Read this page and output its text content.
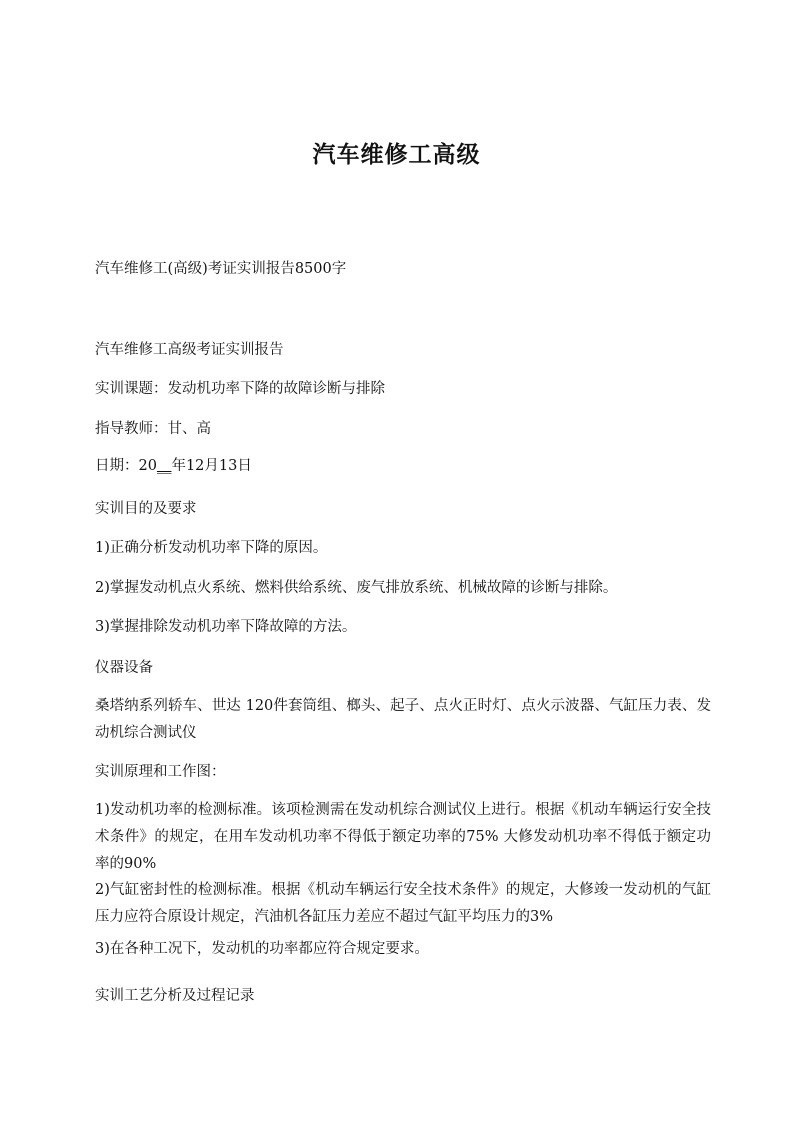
汽车维修工高级
汽车维修工(高级)考证实训报告8500字
汽车维修工高级考证实训报告
实训课题：发动机功率下降的故障诊断与排除
指导教师：甘、高
日期：20__年12月13日
实训目的及要求
1)正确分析发动机功率下降的原因。
2)掌握发动机点火系统、燃料供给系统、废气排放系统、机械故障的诊断与排除。
3)掌握排除发动机功率下降故障的方法。
仪器设备
桑塔纳系列轿车、世达 120件套筒组、榔头、起子、点火正时灯、点火示波器、气缸压力表、发动机综合测试仪
实训原理和工作图：
1)发动机功率的检测标准。该项检测需在发动机综合测试仪上进行。根据《机动车辆运行安全技术条件》的规定，在用车发动机功率不得低于额定功率的75% 大修发动机功率不得低于额定功率的90%
2)气缸密封性的检测标准。根据《机动车辆运行安全技术条件》的规定，大修竣一发动机的气缸压力应符合原设计规定，汽油机各缸压力差应不超过气缸平均压力的3%
3)在各种工况下，发动机的功率都应符合规定要求。
实训工艺分析及过程记录
